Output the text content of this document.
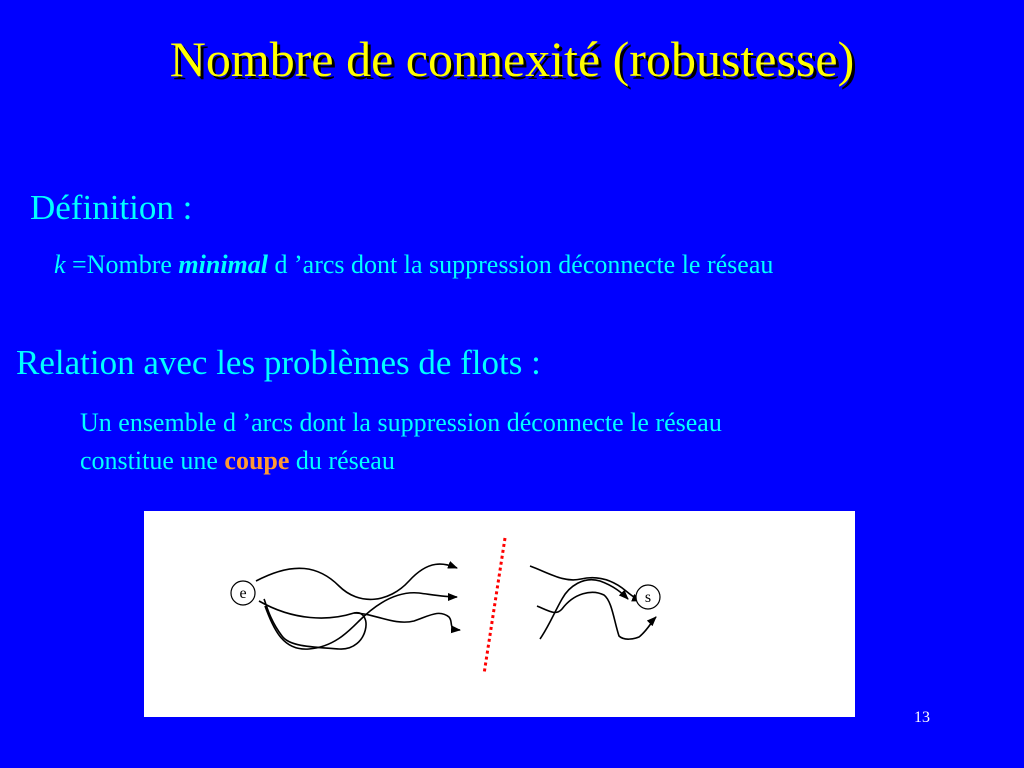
Nombre de connexité (robustesse)
Définition :
k =Nombre minimal d ’arcs dont la suppression déconnecte le réseau
Relation avec les problèmes de flots :
Un ensemble d ’arcs dont la suppression déconnecte le réseau
constitue une coupe du réseau
e	s
13
